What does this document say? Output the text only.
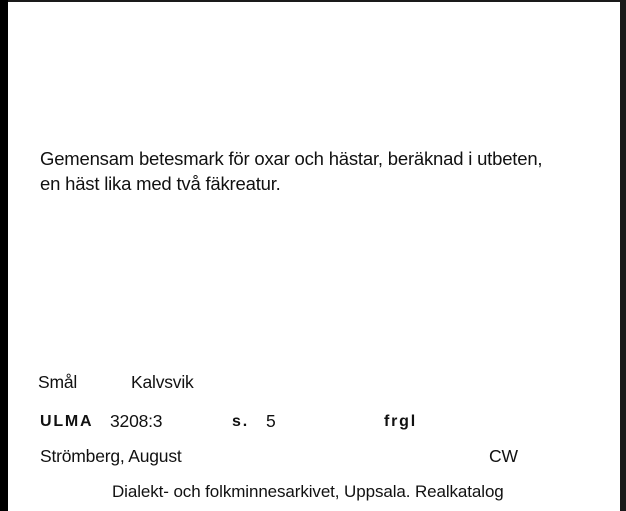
Gemensam betesmark för oxar och hästar, beräknad i utbeten,
en häst lika med två fäkreatur.
Smål	Kalvsvik
ULMA 3208:3	s. 5	frgl
Strömberg, August	CW
Dialekt- och folkminnesarkivet, Uppsala. Realkatalog
